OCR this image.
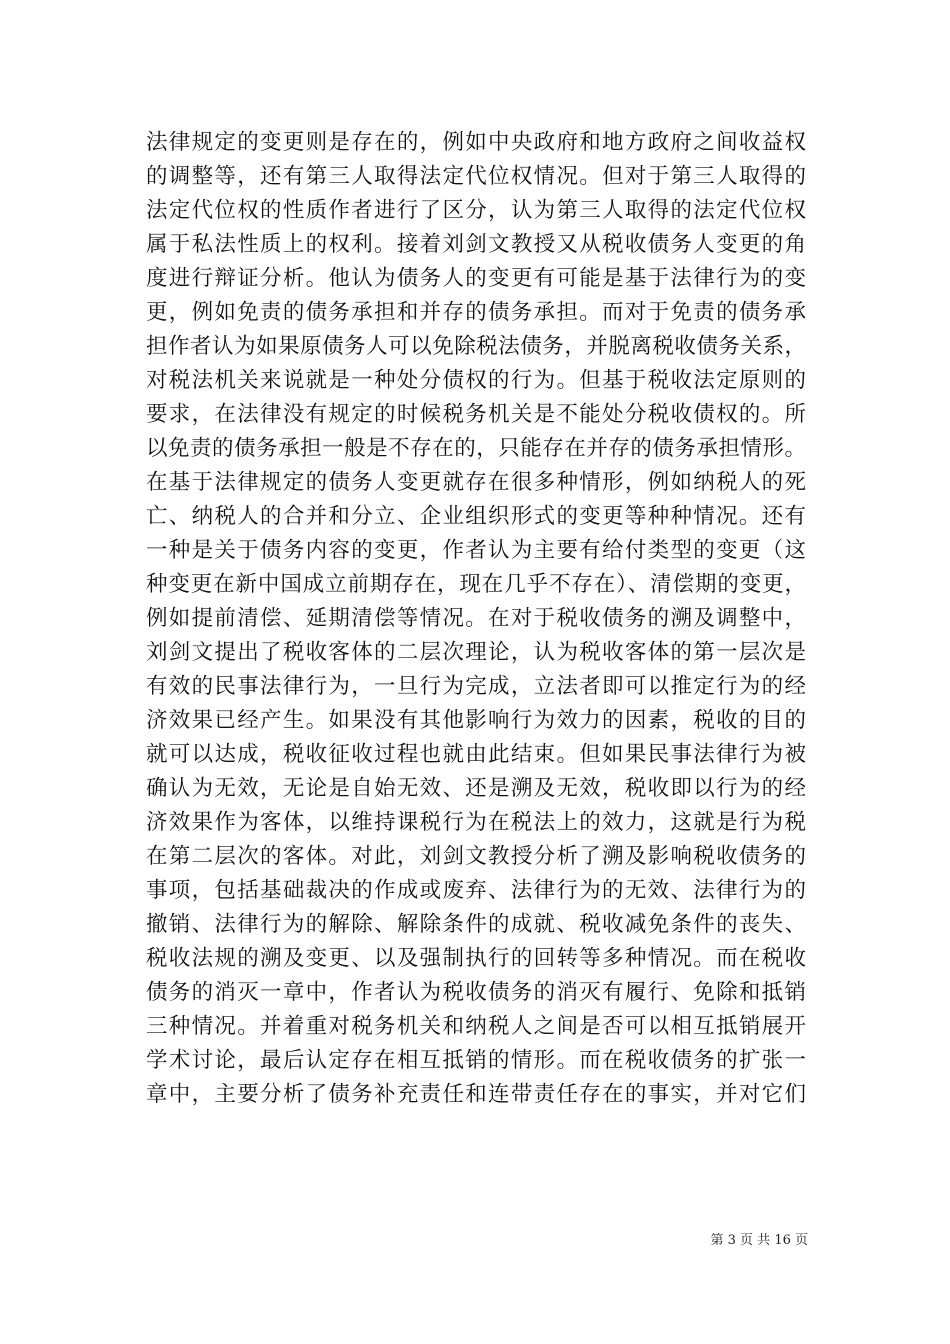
法律规定的变更则是存在的，例如中央政府和地方政府之间收益权
的调整等，还有第三人取得法定代位权情况。但对于第三人取得的
法定代位权的性质作者进行了区分，认为第三人取得的法定代位权
属于私法性质上的权利。接着刘剑文教授又从税收债务人变更的角
度进行辩证分析。他认为债务人的变更有可能是基于法律行为的变
更，例如免责的债务承担和并存的债务承担。而对于免责的债务承
担作者认为如果原债务人可以免除税法债务，并脱离税收债务关系，
对税法机关来说就是一种处分债权的行为。但基于税收法定原则的
要求，在法律没有规定的时候税务机关是不能处分税收债权的。所
以免责的债务承担一般是不存在的，只能存在并存的债务承担情形。
在基于法律规定的债务人变更就存在很多种情形，例如纳税人的死
亡、纳税人的合并和分立、企业组织形式的变更等种种情况。还有
一种是关于债务内容的变更，作者认为主要有给付类型的变更（这
种变更在新中国成立前期存在，现在几乎不存在）、清偿期的变更，
例如提前清偿、延期清偿等情况。在对于税收债务的溯及调整中，
刘剑文提出了税收客体的二层次理论，认为税收客体的第一层次是
有效的民事法律行为，一旦行为完成，立法者即可以推定行为的经
济效果已经产生。如果没有其他影响行为效力的因素，税收的目的
就可以达成，税收征收过程也就由此结束。但如果民事法律行为被
确认为无效，无论是自始无效、还是溯及无效，税收即以行为的经
济效果作为客体，以维持课税行为在税法上的效力，这就是行为税
在第二层次的客体。对此，刘剑文教授分析了溯及影响税收债务的
事项，包括基础裁决的作成或废弃、法律行为的无效、法律行为的
撤销、法律行为的解除、解除条件的成就、税收减免条件的丧失、
税收法规的溯及变更、以及强制执行的回转等多种情况。而在税收
债务的消灭一章中，作者认为税收债务的消灭有履行、免除和抵销
三种情况。并着重对税务机关和纳税人之间是否可以相互抵销展开
学术讨论，最后认定存在相互抵销的情形。而在税收债务的扩张一
章中，主要分析了债务补充责任和连带责任存在的事实，并对它们
第 3 页 共 16 页
